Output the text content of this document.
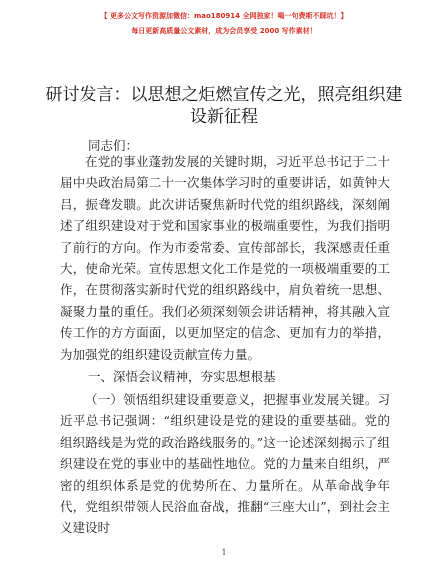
【 更多公文写作资源加微信：mao180914 全网独家！喝一句费斯不踩坑！】
每日更新高质量公文素材，成为会员享受 2000 写作素材！
研讨发言：以思想之炬燃宣传之光，照亮组织建设新征程
同志们：

在党的事业蓬勃发展的关键时期，习近平总书记于二十届中央政治局第二十一次集体学习时的重要讲话，如黄钟大吕，振聋发聩。此次讲话聚焦新时代党的组织路线，深刻阐述了组织建设对于党和国家事业的极端重要性，为我们指明了前行的方向。作为市委常委、宣传部部长，我深感责任重大，使命光荣。宣传思想文化工作是党的一项极端重要的工作，在贯彻落实新时代党的组织路线中，肩负着统一思想、凝聚力量的重任。我们必须深刻领会讲话精神，将其融入宣传工作的方方面面，以更加坚定的信念、更加有力的举措，为加强党的组织建设贡献宣传力量。

一、深悟会议精神，夯实思想根基

（一）领悟组织建设重要意义，把握事业发展关键。习近平总书记强调：“组织建设是党的建设的重要基础。党的组织路线是为党的政治路线服务的。”这一论述深刻揭示了组织建设在党的事业中的基础性地位。党的力量来自组织，严密的组织体系是党的优势所在、力量所在。从革命战争年代，党组织带领人民浴血奋战，推翻“三座大山”，到社会主义建设时

1
